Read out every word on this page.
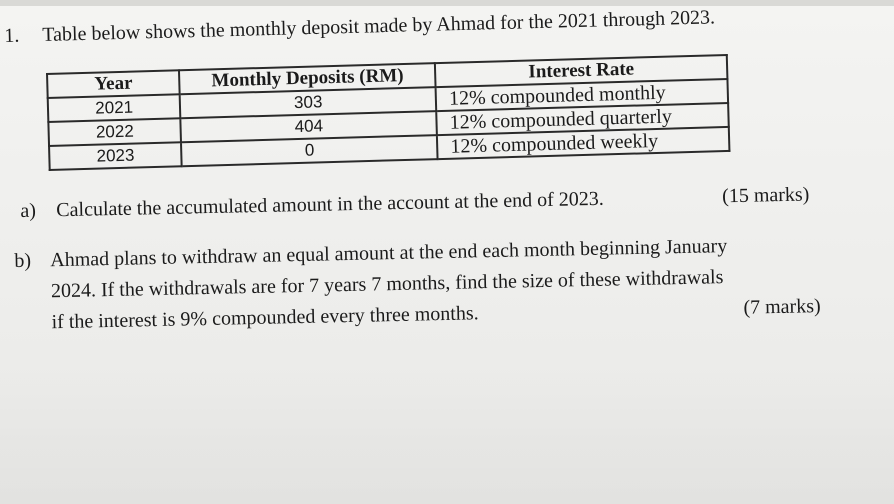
1. Table below shows the monthly deposit made by Ahmad for the 2021 through 2023.
Year	Monthly Deposits (RM)	Interest Rate
2021	303	12% compounded monthly
2022	404	12% compounded quarterly
2023	0	12% compounded weekly
a) Calculate the accumulated amount in the account at the end of 2023.	(15 marks)
b) Ahmad plans to withdraw an equal amount at the end each month beginning January
2024. If the withdrawals are for 7 years 7 months, find the size of these withdrawals
if the interest is 9% compounded every three months.	(7 marks)
